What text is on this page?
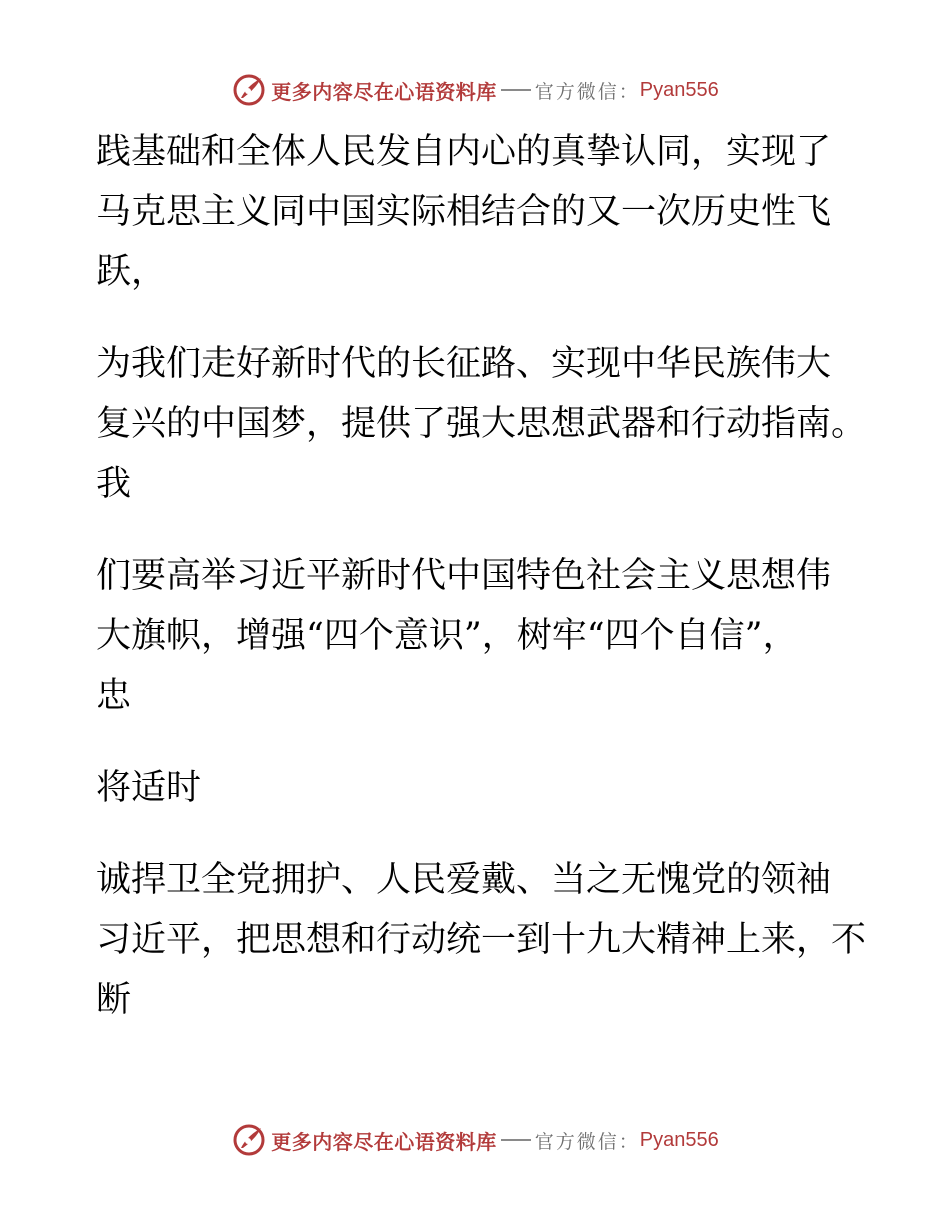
更多内容尽在心语资料库 官方微信： Pyan556

践基础和全体人民发自内心的真挚认同，实现了
马克思主义同中国实际相结合的又一次历史性飞
跃，

为我们走好新时代的长征路、实现中华民族伟大
复兴的中国梦，提供了强大思想武器和行动指南。
我

们要高举习近平新时代中国特色社会主义思想伟
大旗帜，增强“四个意识”，树牢“四个自信”，
忠

将适时

诚捍卫全党拥护、人民爱戴、当之无愧党的领袖
习近平，把思想和行动统一到十九大精神上来，不
断

更多内容尽在心语资料库 官方微信： Pyan556
